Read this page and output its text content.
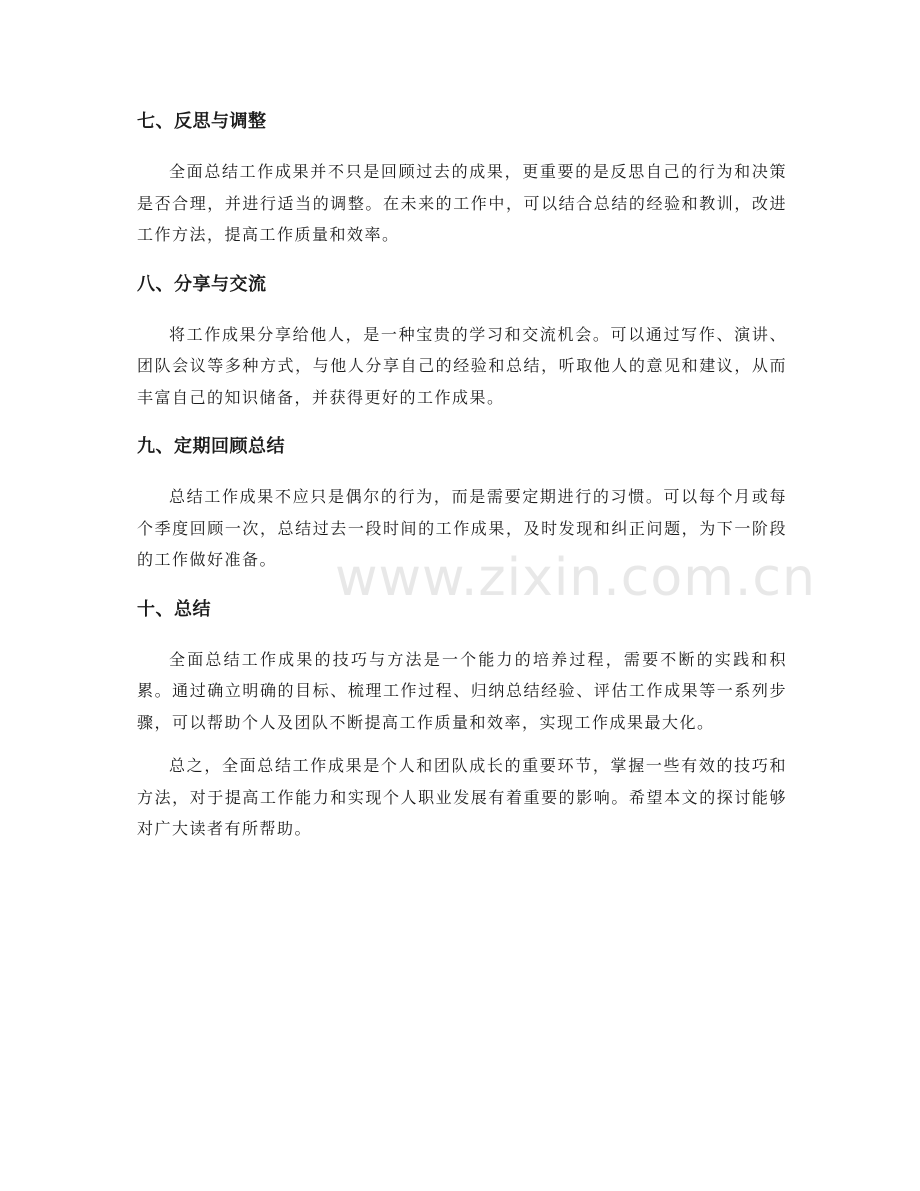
七、反思与调整

全面总结工作成果并不只是回顾过去的成果，更重要的是反思自己的行为和决策是否合理，并进行适当的调整。在未来的工作中，可以结合总结的经验和教训，改进工作方法，提高工作质量和效率。

八、分享与交流

将工作成果分享给他人，是一种宝贵的学习和交流机会。可以通过写作、演讲、团队会议等多种方式，与他人分享自己的经验和总结，听取他人的意见和建议，从而丰富自己的知识储备，并获得更好的工作成果。

九、定期回顾总结

总结工作成果不应只是偶尔的行为，而是需要定期进行的习惯。可以每个月或每个季度回顾一次，总结过去一段时间的工作成果，及时发现和纠正问题，为下一阶段的工作做好准备。

十、总结

全面总结工作成果的技巧与方法是一个能力的培养过程，需要不断的实践和积累。通过确立明确的目标、梳理工作过程、归纳总结经验、评估工作成果等一系列步骤，可以帮助个人及团队不断提高工作质量和效率，实现工作成果最大化。

总之，全面总结工作成果是个人和团队成长的重要环节，掌握一些有效的技巧和方法，对于提高工作能力和实现个人职业发展有着重要的影响。希望本文的探讨能够对广大读者有所帮助。

www.zixin.com.cn
